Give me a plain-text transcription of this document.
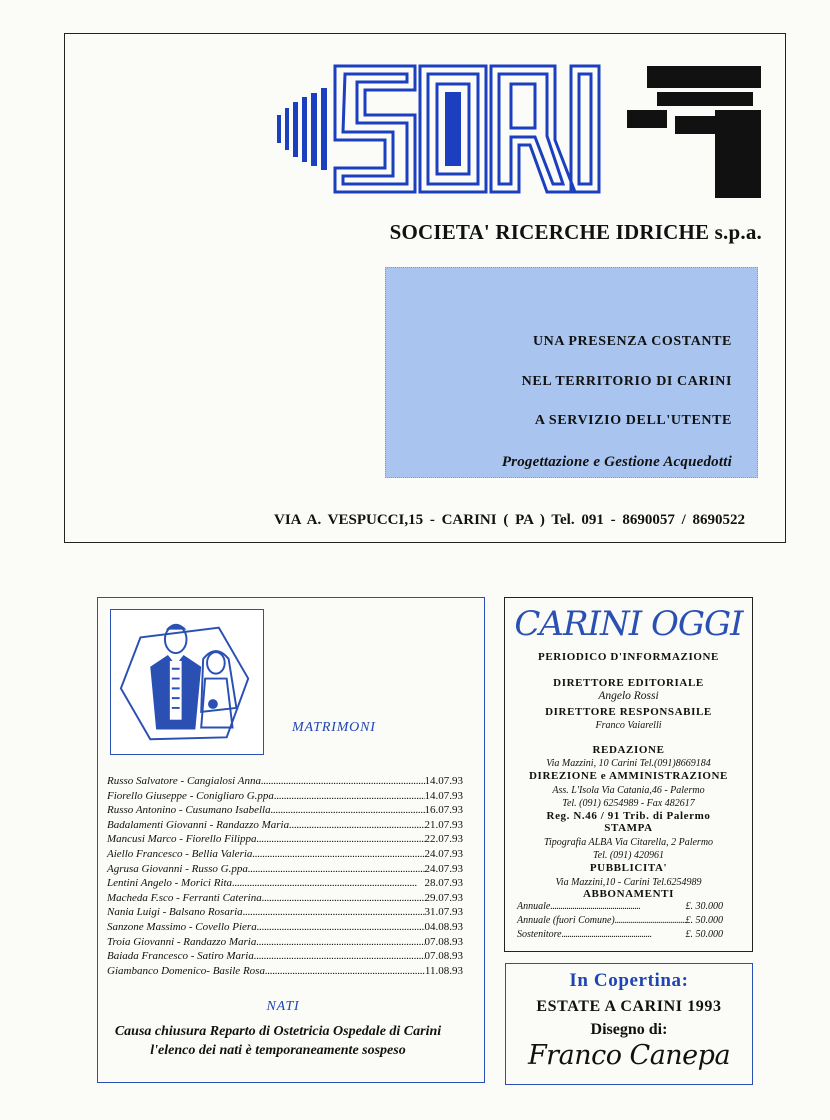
SOCIETA' RICERCHE IDRICHE s.p.a.
UNA PRESENZA COSTANTE
NEL TERRITORIO DI CARINI
A SERVIZIO DELL'UTENTE
Progettazione e Gestione Acquedotti
VIA A. VESPUCCI,15 - CARINI ( PA ) Tel. 091 - 8690057 / 8690522
MATRIMONI
Russo Salvatore - Cangialosi Anna . . .	14.07.93
Fiorello Giuseppe - Conigliaro G.ppa . . .	14.07.93
Russo Antonino - Cusumano Isabella . . .	16.07.93
Badalamenti Giovanni - Randazzo Maria . . .	21.07.93
Mancusi Marco - Fiorello Filippa . . .	22.07.93
Aiello Francesco - Bellia Valeria . . .	24.07.93
Agrusa Giovanni - Russo G.ppa . . .	24.07.93
Lentini Angelo - Morici Rita . . .	28.07.93
Macheda F.sco - Ferranti Caterina . . .	29.07.93
Nania Luigi - Balsano Rosaria . . .	31.07.93
Sanzone Massimo - Covello Piera . . .	04.08.93
Troia Giovanni - Randazzo Maria . . .	07.08.93
Baiada Francesco - Satiro Maria . . .	07.08.93
Giambanco Domenico- Basile Rosa . . .	11.08.93
NATI
Causa chiusura Reparto di Ostetricia Ospedale di Carini l'elenco dei nati è temporaneamente sospeso
CARINI OGGI
PERIODICO D'INFORMAZIONE
DIRETTORE EDITORIALE
Angelo Rossi
DIRETTORE RESPONSABILE
Franco Vaiarelli
REDAZIONE
Via Mazzini, 10 Carini Tel.(091)8669184
DIREZIONE e AMMINISTRAZIONE
Ass. L'Isola Via Catania,46 - Palermo
Tel. (091) 6254989 - Fax 482617
Reg. N.46 / 91 Trib. di Palermo
STAMPA
Tipografia ALBA Via Citarella, 2 Palermo
Tel. (091) 420961
PUBBLICITA'
Via Mazzini,10 - Carini Tel.6254989
ABBONAMENTI
Annuale . . .	£. 30.000
Annuale (fuori Comune) . . .	£. 50.000
Sostenitore . . .	£. 50.000
In Copertina:
ESTATE A CARINI 1993
Disegno di:
Franco Canepa
